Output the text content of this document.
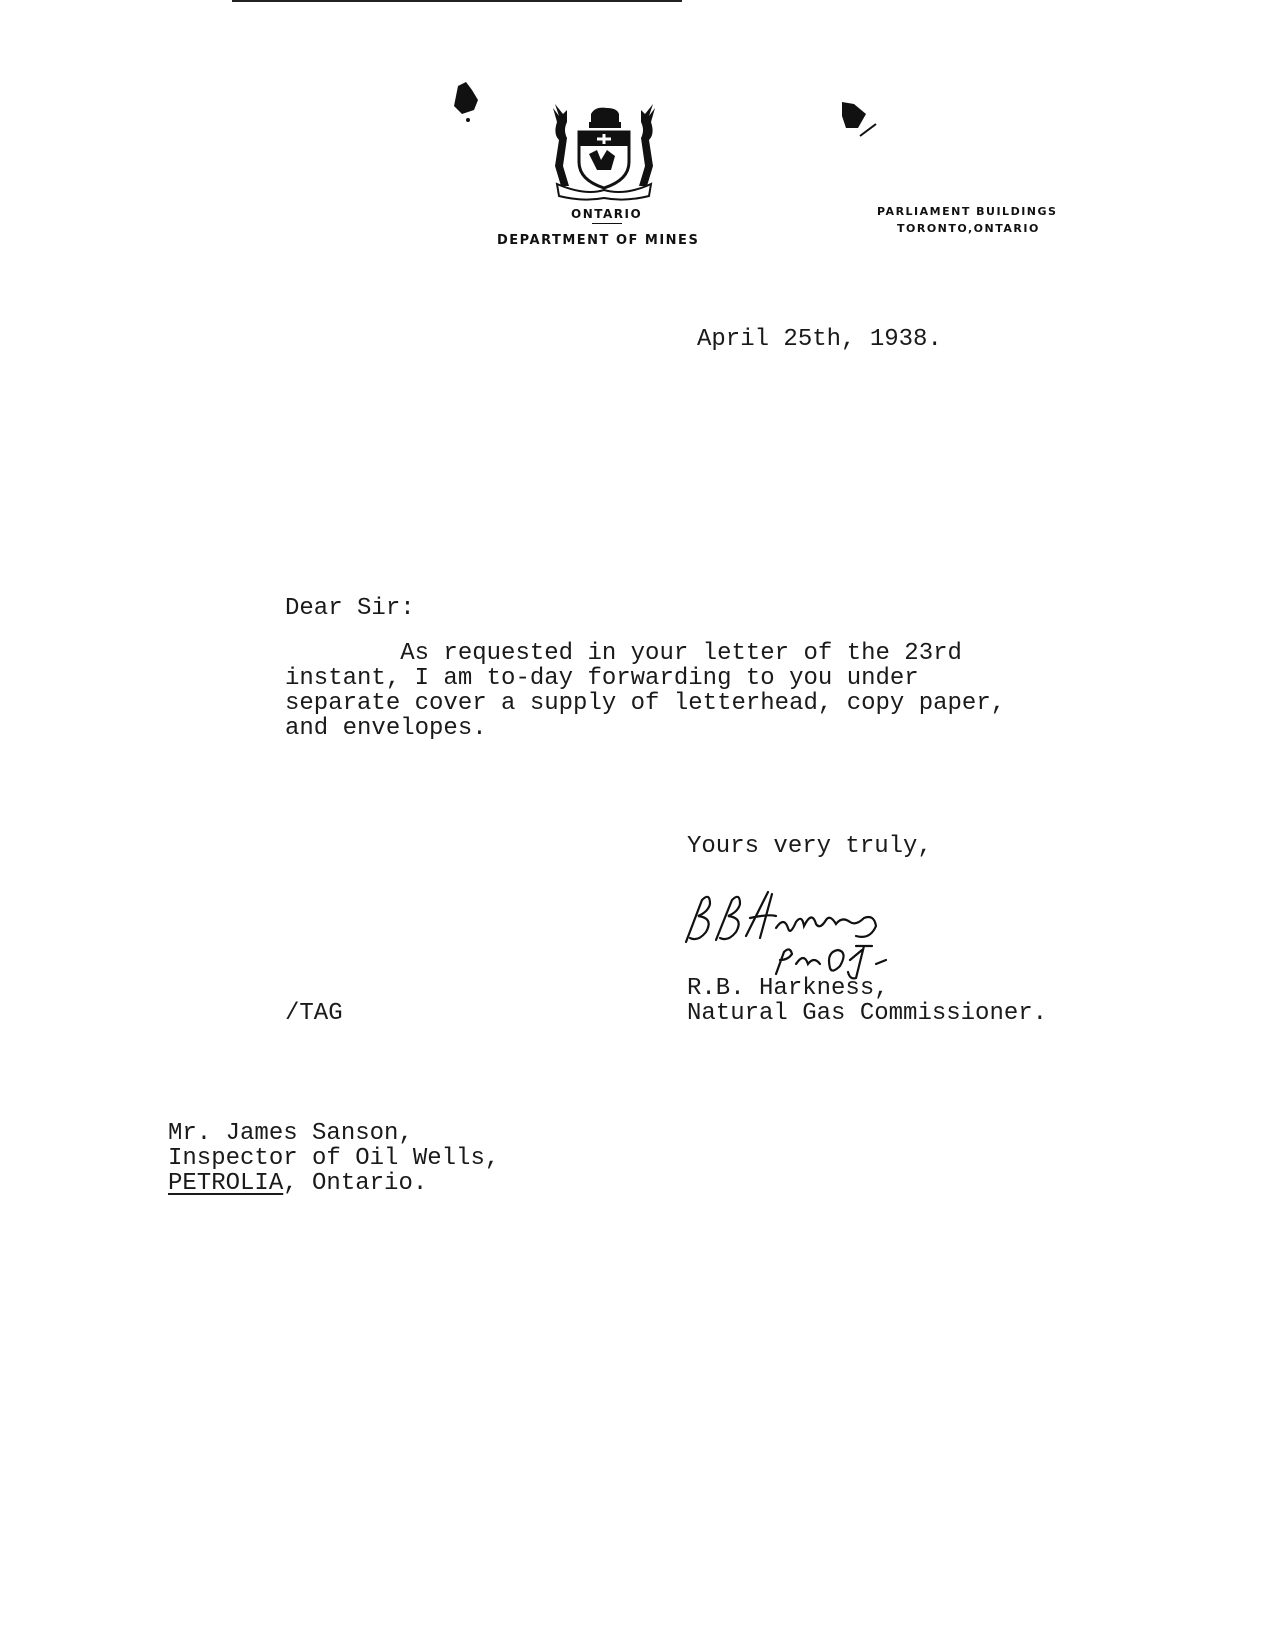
ONTARIO
DEPARTMENT OF MINES
PARLIAMENT BUILDINGS
TORONTO,ONTARIO
April 25th, 1938.
Dear Sir:
As requested in your letter of the 23rd
instant, I am to-day forwarding to you under
separate cover a supply of letterhead, copy paper,
and envelopes.
Yours very truly,
R.B. Harkness,
Natural Gas Commissioner.
/TAG
Mr. James Sanson,
Inspector of Oil Wells,
PETROLIA, Ontario.
